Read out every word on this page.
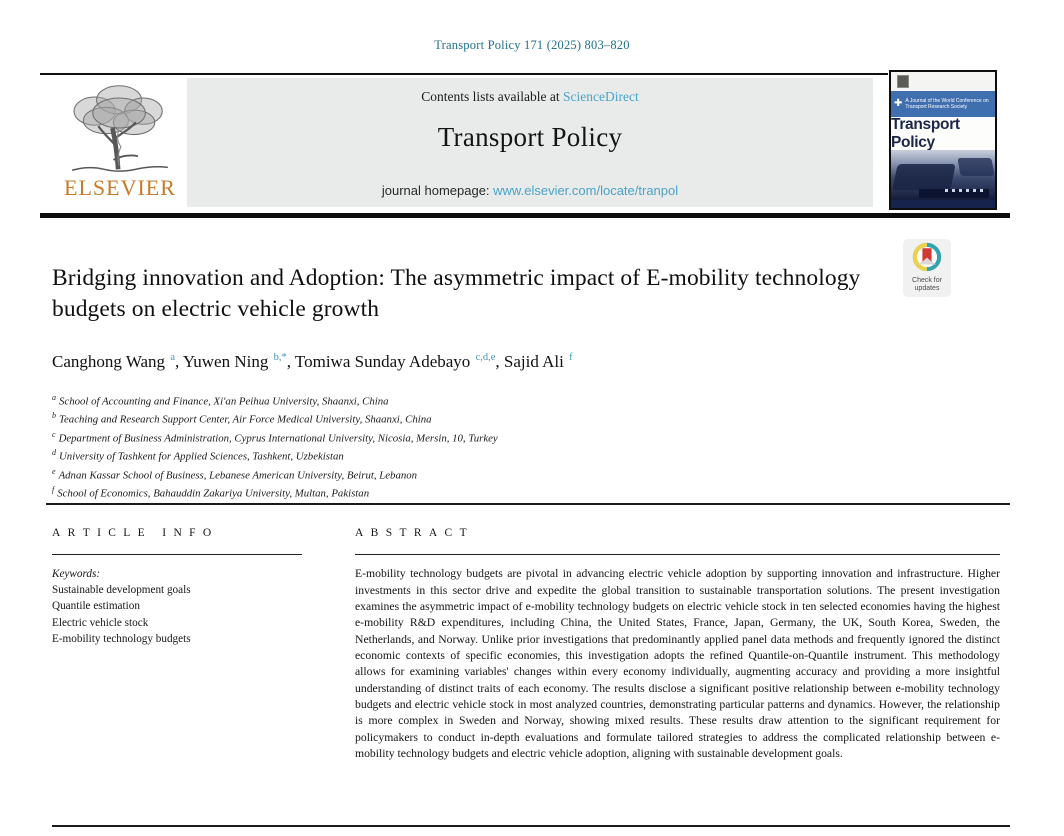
Transport Policy 171 (2025) 803–820
ELSEVIER
Contents lists available at ScienceDirect
Transport Policy
journal homepage: www.elsevier.com/locate/tranpol
✚ A Journal of the World Conference on
Transport Research Society
Transport Policy
Bridging innovation and Adoption: The asymmetric impact of E-mobility technology budgets on electric vehicle growth
Check for
updates
Canghong Wang $^a$, Yuwen Ning $^{b,*}$, Tomiwa Sunday Adebayo $^{c,d,e}$, Sajid Ali $^f$
$^a$ School of Accounting and Finance, Xi'an Peihua University, Shaanxi, China
$^b$ Teaching and Research Support Center, Air Force Medical University, Shaanxi, China
$^c$ Department of Business Administration, Cyprus International University, Nicosia, Mersin, 10, Turkey
$^d$ University of Tashkent for Applied Sciences, Tashkent, Uzbekistan
$^e$ Adnan Kassar School of Business, Lebanese American University, Beirut, Lebanon
$^f$ School of Economics, Bahauddin Zakariya University, Multan, Pakistan
A R T I C L E   I N F O
Keywords:
Sustainable development goals
Quantile estimation
Electric vehicle stock
E-mobility technology budgets
A B S T R A C T

E-mobility technology budgets are pivotal in advancing electric vehicle adoption by supporting innovation and infrastructure. Higher investments in this sector drive and expedite the global transition to sustainable transportation solutions. The present investigation examines the asymmetric impact of e-mobility technology budgets on electric vehicle stock in ten selected economies having the highest e-mobility R&D expenditures, including China, the United States, France, Japan, Germany, the UK, South Korea, Sweden, the Netherlands, and Norway. Unlike prior investigations that predominantly applied panel data methods and frequently ignored the distinct economic contexts of specific economies, this investigation adopts the refined Quantile-on-Quantile instrument. This methodology allows for examining variables' changes within every economy individually, augmenting accuracy and providing a more insightful understanding of distinct traits of each economy. The results disclose a significant positive relationship between e-mobility technology budgets and electric vehicle stock in most analyzed countries, demonstrating particular patterns and dynamics. However, the relationship is more complex in Sweden and Norway, showing mixed results. These results draw attention to the significant requirement for policymakers to conduct in-depth evaluations and formulate tailored strategies to address the complicated relationship between e-mobility technology budgets and electric vehicle adoption, aligning with sustainable development goals.
